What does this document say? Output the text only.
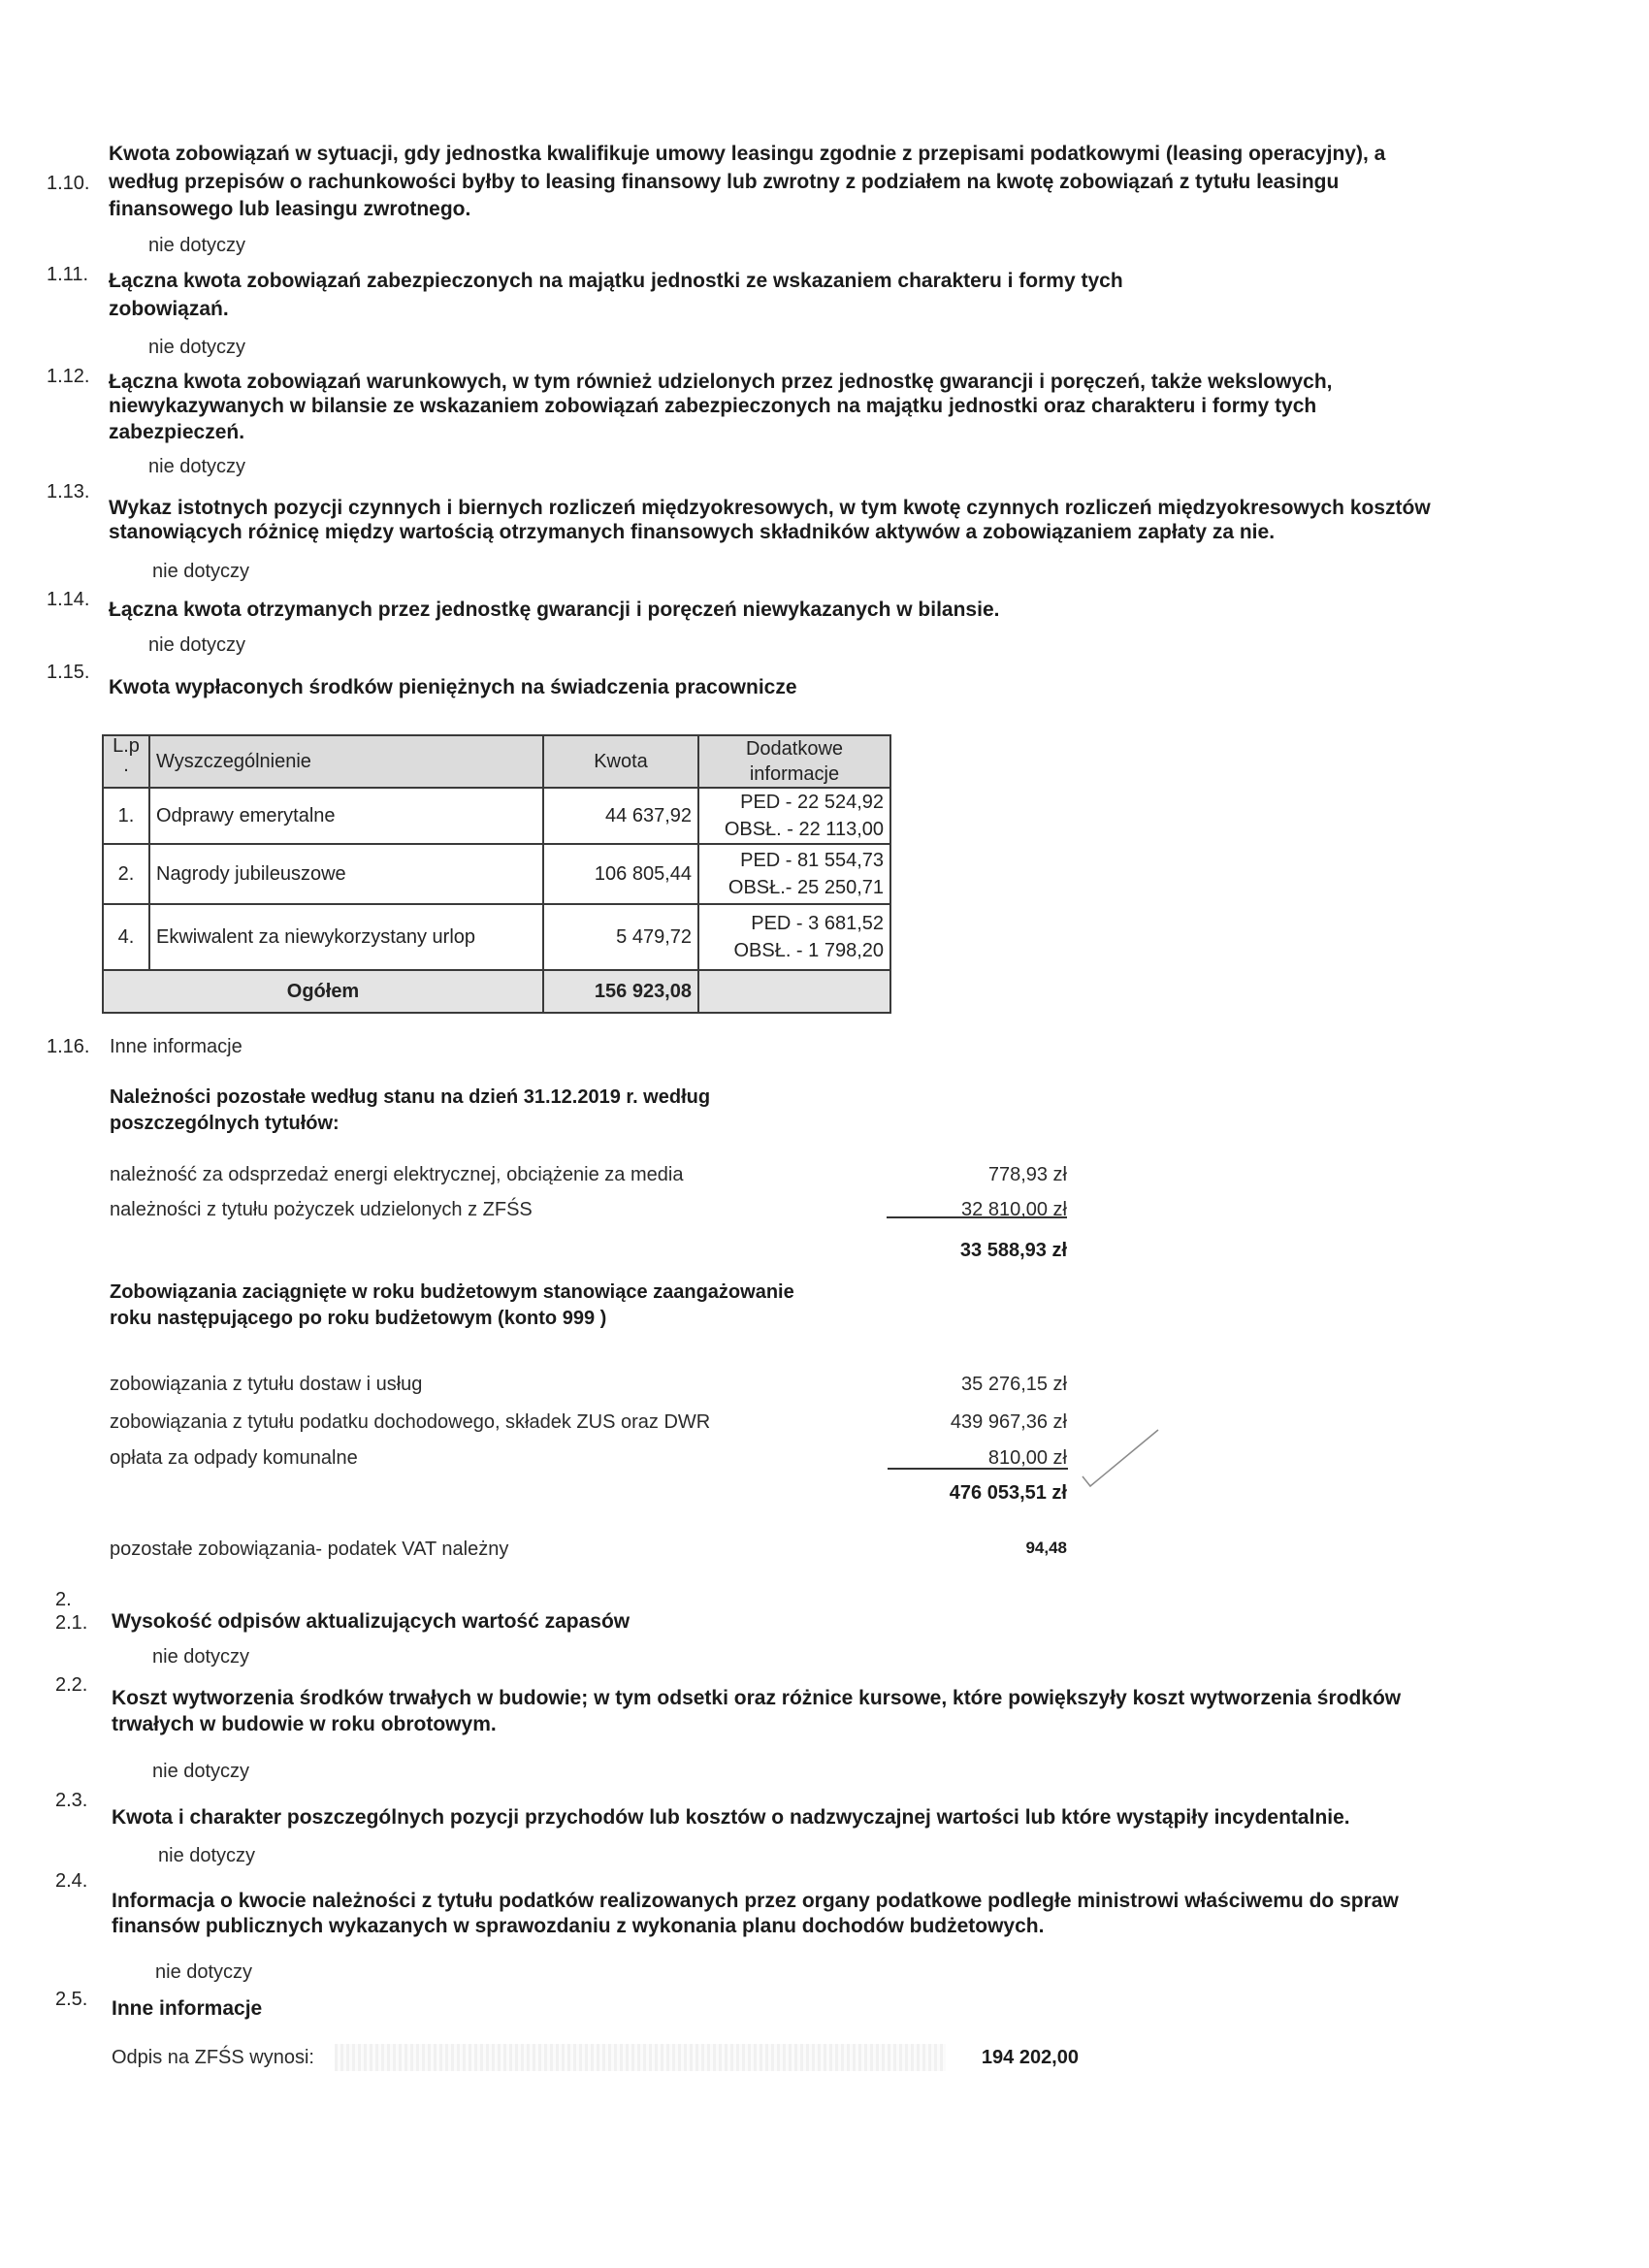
Kwota zobowiązań w sytuacji, gdy jednostka kwalifikuje umowy leasingu zgodnie z przepisami podatkowymi (leasing operacyjny), a
1.10. według przepisów o rachunkowości byłby to leasing finansowy lub zwrotny z podziałem na kwotę zobowiązań z tytułu leasingu
finansowego lub leasingu zwrotnego.
nie dotyczy
1.11. Łączna kwota zobowiązań zabezpieczonych na majątku jednostki ze wskazaniem charakteru i formy tych
zobowiązań.
nie dotyczy
1.12. Łączna kwota zobowiązań warunkowych, w tym również udzielonych przez jednostkę gwarancji i poręczeń, także wekslowych,
niewykazywanych w bilansie ze wskazaniem zobowiązań zabezpieczonych na majątku jednostki oraz charakteru i formy tych
zabezpieczeń.
nie dotyczy
1.13.
Wykaz istotnych pozycji czynnych i biernych rozliczeń międzyokresowych, w tym kwotę czynnych rozliczeń międzyokresowych kosztów
stanowiących różnicę między wartością otrzymanych finansowych składników aktywów a zobowiązaniem zapłaty za nie.
nie dotyczy
1.14. Łączna kwota otrzymanych przez jednostkę gwarancji i poręczeń niewykazanych w bilansie.
nie dotyczy
1.15.
Kwota wypłaconych środków pieniężnych na świadczenia pracownicze
L.p
.	Wyszczególnienie	Kwota	Dodatkowe
informacje
1.	Odprawy emerytalne	44 637,92	PED - 22 524,92
OBSŁ. - 22 113,00
2.	Nagrody jubileuszowe	106 805,44	PED - 81 554,73
OBSŁ.- 25 250,71
4.	Ekwiwalent za niewykorzystany urlop	5 479,72	PED - 3 681,52
OBSŁ. - 1 798,20
Ogółem		156 923,08	
1.16. Inne informacje
Należności pozostałe według stanu na dzień 31.12.2019 r. według
poszczególnych tytułów:
należność za odsprzedaż energi elektrycznej, obciążenie za media	778,93 zł
należności z tytułu pożyczek udzielonych z ZFŚS	32 810,00 zł
33 588,93 zł
Zobowiązania zaciągnięte w roku budżetowym stanowiące zaangażowanie
roku następującego po roku budżetowym (konto 999 )
zobowiązania z tytułu dostaw i usług	35 276,15 zł
zobowiązania z tytułu podatku dochodowego, składek ZUS oraz DWR	439 967,36 zł
opłata za odpady komunalne	810,00 zł
476 053,51 zł
pozostałe zobowiązania- podatek VAT należny	94,48
2.
2.1. Wysokość odpisów aktualizujących wartość zapasów
nie dotyczy
2.2.
Koszt wytworzenia środków trwałych w budowie; w tym odsetki oraz różnice kursowe, które powiększyły koszt wytworzenia środków
trwałych w budowie w roku obrotowym.
nie dotyczy
2.3.
Kwota i charakter poszczególnych pozycji przychodów lub kosztów o nadzwyczajnej wartości lub które wystąpiły incydentalnie.
nie dotyczy
2.4.
Informacja o kwocie należności z tytułu podatków realizowanych przez organy podatkowe podległe ministrowi właściwemu do spraw
finansów publicznych wykazanych w sprawozdaniu z wykonania planu dochodów budżetowych.
nie dotyczy
2.5. Inne informacje
Odpis na ZFŚS wynosi:	194 202,00
